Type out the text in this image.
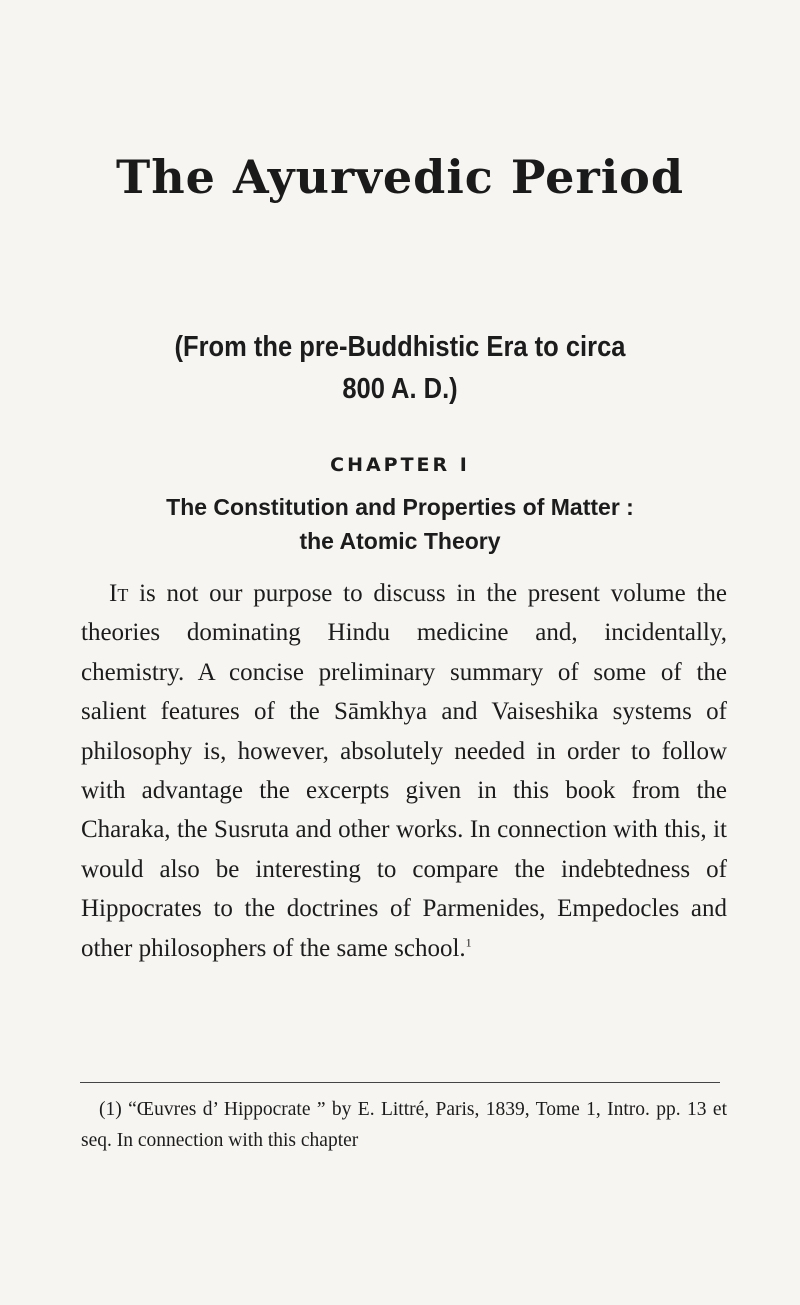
The Ayurvedic Period
(From the pre-Buddhistic Era to circa
800 A. D.)
CHAPTER I
The Constitution and Properties of Matter :
the Atomic Theory

It is not our purpose to discuss in the present volume the theories dominating Hindu medicine and, incidentally, chemistry. A concise preliminary summary of some of the salient features of the Sāmkhya and Vaiseshika systems of philosophy is, however, absolutely needed in order to follow with advantage the excerpts given in this book from the Charaka, the Susruta and other works. In connection with this, it would also be interesting to compare the indebtedness of Hippocrates to the doctrines of Parmenides, Empedocles and other philosophers of the same school.$^1$

(1) “Œuvres d’ Hippocrate ” by E. Littré, Paris, 1839, Tome 1, Intro. pp. 13 et seq. In connection with this chapter
